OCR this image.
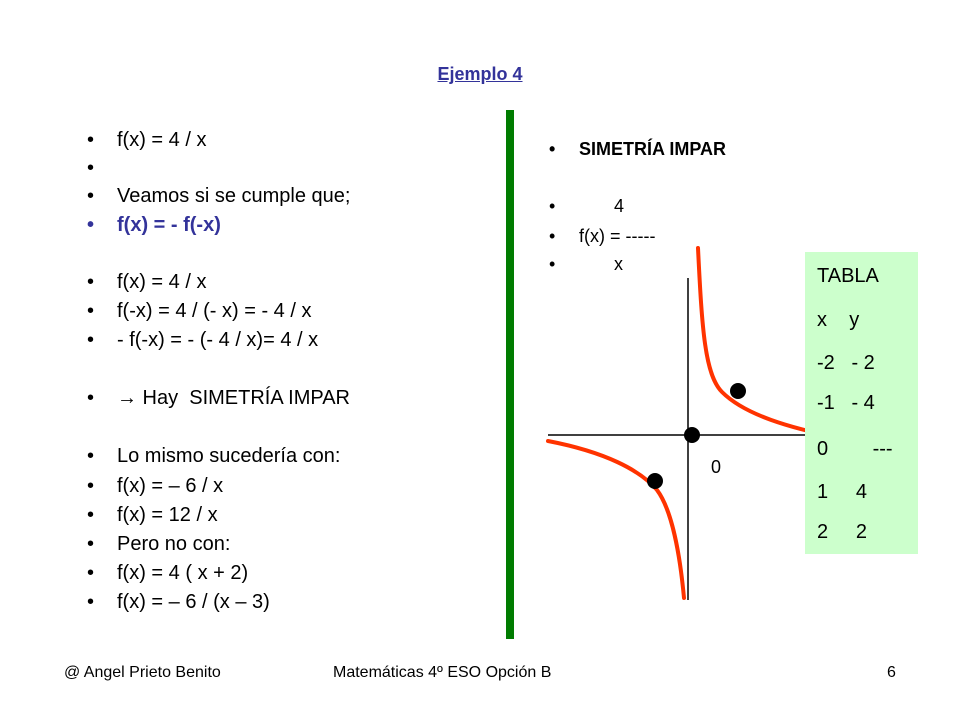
Ejemplo 4
• f(x) = 4 / x
•
• Veamos si se cumple que;
• f(x) = - f(-x)
• f(x) = 4 / x
• f(-x) = 4 / (- x) = - 4 / x
• - f(-x) = - (- 4 / x)= 4 / x
• → Hay  SIMETRÍA IMPAR
• Lo mismo sucedería con:
• f(x) = – 6 / x
• f(x) = 12 / x
• Pero no con:
• f(x) = 4 ( x + 2)
• f(x) = – 6 / (x – 3)
• SIMETRÍA IMPAR
• 4
• f(x) = -----
• x
0
TABLA
x    y
-2   - 2
-1   - 4
0        ---
1     4
2     2
@ Angel Prieto Benito	Matemáticas 4º ESO Opción B	6
